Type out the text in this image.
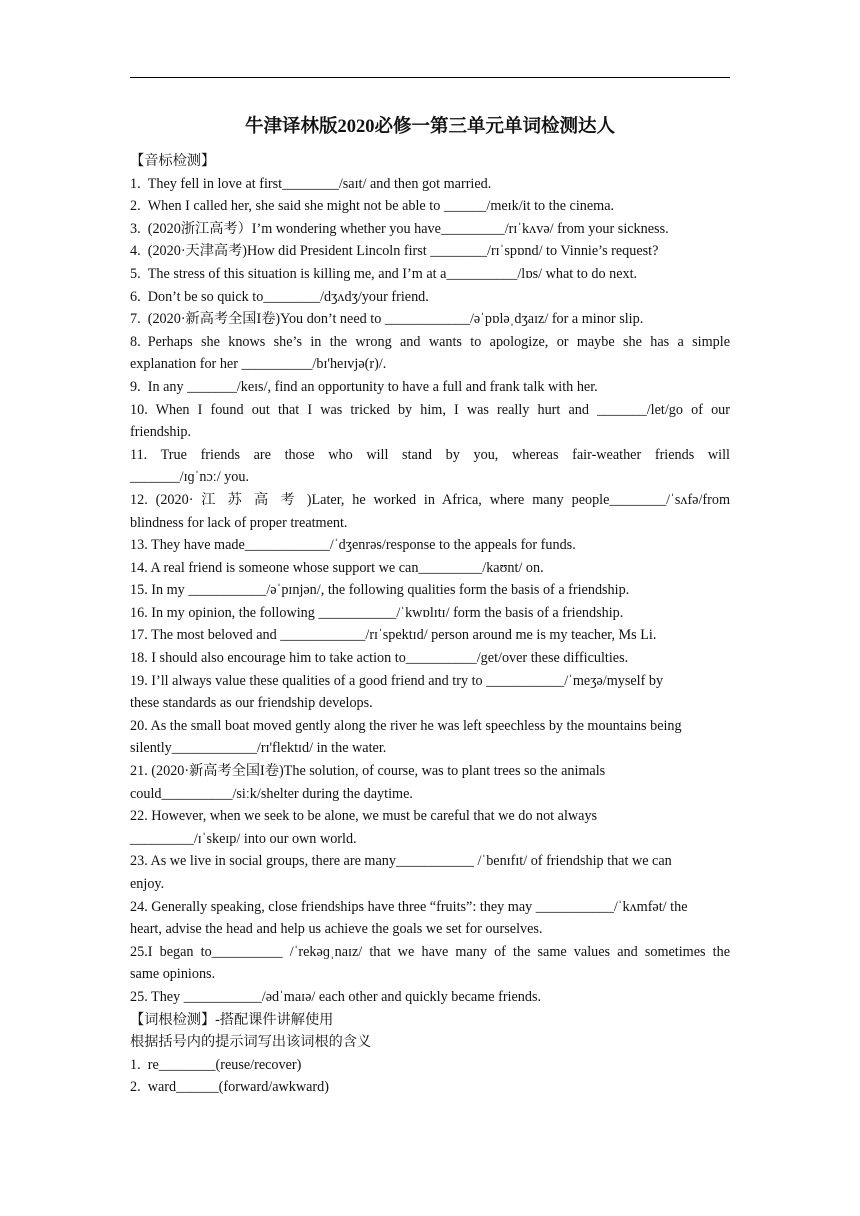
牛津译林版2020必修一第三单元单词检测达人
【音标检测】
1. They fell in love at first________/saɪt/ and then got married.
2. When I called her, she said she might not be able to ______/meɪk/it to the cinema.
3. (2020浙江高考）I’m wondering whether you have_________/rɪˈkʌvə/ from your sickness.
4. (2020·天津高考)How did President Lincoln first ________/rɪˈspɒnd/ to Vinnie’s request?
5. The stress of this situation is killing me, and I’m at a__________/lɒs/ what to do next.
6. Don’t be so quick to________/dʒʌdʒ/your friend.
7. (2020·新高考全国I卷)You don’t need to ____________/əˈpɒləˌdʒaɪz/ for a minor slip.
8. Perhaps she knows she’s in the wrong and wants to apologize, or maybe she has a simple
explanation for her __________/bɪ'heɪvjə(r)/.
9. In any _______/keɪs/, find an opportunity to have a full and frank talk with her.
10. When I found out that I was tricked by him, I was really hurt and _______/let/go of our
friendship.
11. True friends are those who will stand by you, whereas fair-weather friends will
_______/ɪɡˈnɔː/ you.
12. (2020· 江 苏 高 考 )Later, he worked in Africa, where many people________/ˈsʌfə/from
blindness for lack of proper treatment.
13. They have made____________/ˈdʒenrəs/response to the appeals for funds.
14. A real friend is someone whose support we can_________/kaʊnt/ on.
15. In my ___________/əˈpɪnjən/, the following qualities form the basis of a friendship.
16. In my opinion, the following ___________/ˈkwɒlɪtɪ/ form the basis of a friendship.
17. The most beloved and ____________/rɪˈspektɪd/ person around me is my teacher, Ms Li.
18. I should also encourage him to take action to__________/get/over these difficulties.
19. I’ll always value these qualities of a good friend and try to ___________/ˈmeʒə/myself by
these standards as our friendship develops.
20. As the small boat moved gently along the river he was left speechless by the mountains being
silently____________/rɪ'flektɪd/ in the water.
21. (2020·新高考全国I卷)The solution, of course, was to plant trees so the animals
could__________/siːk/shelter during the daytime.
22. However, when we seek to be alone, we must be careful that we do not always
_________/ɪˈskeɪp/ into our own world.
23. As we live in social groups, there are many___________ /ˈbenɪfɪt/ of friendship that we can
enjoy.
24. Generally speaking, close friendships have three “fruits”: they may ___________/ˈkʌmfət/ the
heart, advise the head and help us achieve the goals we set for ourselves.
25.I began to__________ /ˈrekəɡˌnaɪz/ that we have many of the same values and sometimes the
same opinions.
25. They ___________/ədˈmaɪə/ each other and quickly became friends.
【词根检测】-搭配课件讲解使用
根据括号内的提示词写出该词根的含义
1. re________(reuse/recover)
2. ward______(forward/awkward)
